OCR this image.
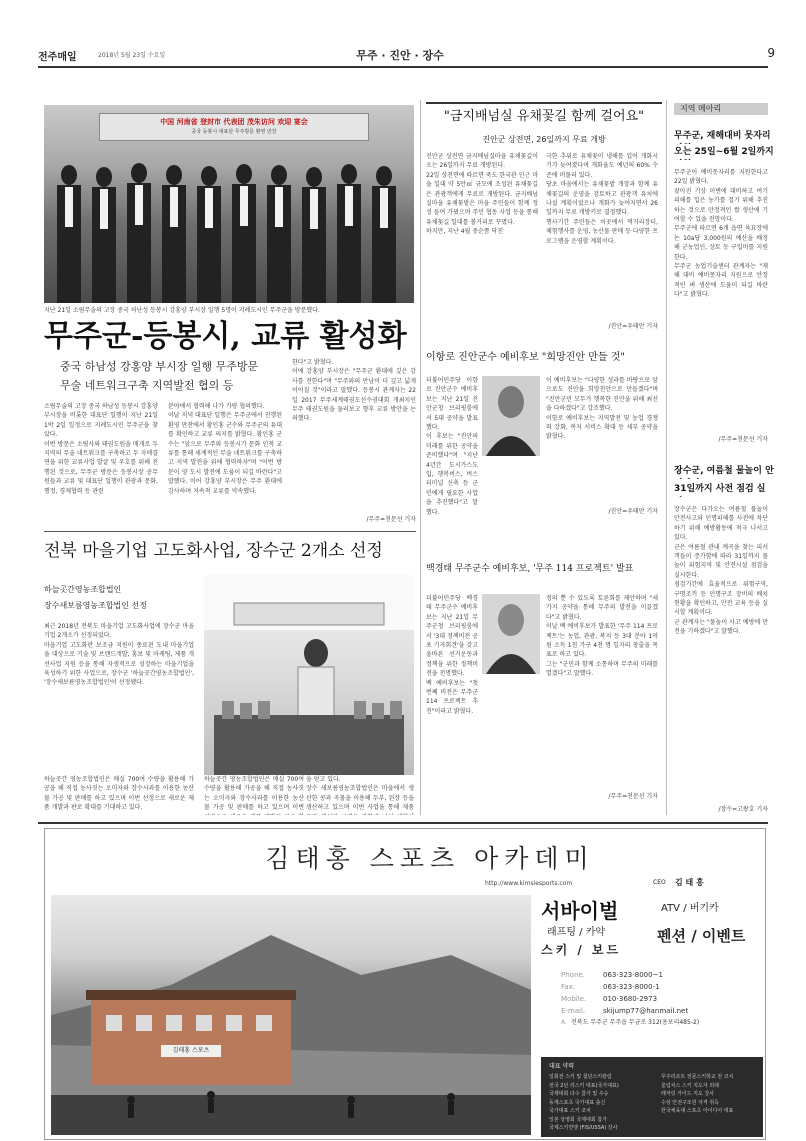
전주매일	2018년 5월 23일 수요일	무주 · 진안 · 장수	9
中国 河南省 登封市 代表团 茂朱访问 欢迎 宴会
중국 등봉시 대표단 무주방문 환영 만찬
지난 21일 소림무술의 고장 중국 허난성 등봉시 강홍양 부시장 일행 5명이 지례도시인 무주군을 방문했다.
무주군-등봉시, 교류 활성화
중국 하남성 강홍양 부시장 일행 무주방문
무술 네트워크구축 지역발전 협의 등
소림무술의 고장 중국 하남성 등봉시 강홍양 부시장을 비롯한 대표단 일행이 지난 21일 1박 2일 일정으로 지례도시인 무주군을 찾았다.
이번 방문은 소림사와 태권도원을 매개로 두 지역의 무술 네트워크를 구축하고 두 자매결연을 위한 교류사업 발굴 및 우호를 위해 진행된 것으로, 무주군 방문은 등봉시장 공무원들과 교류 및 대표단 일행이 관광과 문화, 행정, 경제협력 등 관련
분야에서 협력해 나가 가량 협의했다.
이날 저녁 대표단 일행은 무주군에서 진행된 환영 만찬에서 황인홍 군수와 무주군의 유대를 확인하고 교류 의지를 밝혔다. 황인홍 군수는 "앞으로 무주와 등봉시가 문화 인적 교류를 통해 세계적인 무술 네트워크를 구축하고 지역 발전을 위해 협력하자"며 "이번 방문이 양 도시 발전에 도움이 되길 바란다"고 말했다. 이어 강홍양 부시장은 무주 환대에 감사하며 지속적 교류를 약속했다.
한다"고 밝혔다.
이에 강홍양 부시장은 "무주군 환대에 깊은 감사를 전한다"며 "무주와의 만남이 더 깊고 넓게 이어질 것"이라고 말했다. 등봉시 관계자는 22일 2017 무주세계태권도선수권대회 개최지인 무주 태권도원을 둘러보고 향후 교류 방안을 논의했다.
/무주=천문선 기자
전북 마을기업 고도화사업, 장수군 2개소 선정
하늘곳간영농조합법인
장수새보름영농조합법인 선정
최근 2018년 전북도 마을기업 고도화사업에 장수군 마을기업 2개소가 선정되었다.
마을기업 고도화란 보조금 지원이 종료된 도내 마을기업을 대상으로 기술 및 브랜드개발, 홍보 및 마케팅, 제품 개선사업 지원 등을 통해 자생적으로 성장하는 마을기업을 육성하기 위한 사업으로, 장수군 '하늘곳간영농조합법인', '장수새보름영농조합법인'이 선정됐다.
하늘곳간 영농조합법인은 매실 700여 수량을 활용해 가공을 해 직접 농사짓는 오미자와 장수사과를 이용한 농산물 가공 및 판매를 하고 있으며 이번 선정으로 새로운 제품 개발과 판로 확대를 기대하고 있다.
하늘곳간 영농조합법인은 매실 700여 수량을 활용해 가공을 해 직접 농사짓는 오미자와 장수사과를 이용한 농산물 가공 및 판매를 하고 있으며 이번
을 얻고 있다.
장수 새보름영농조합법인은 마을에서 생산한 콩과 곡물을 이용해 두부, 된장 등을 생산하고 있으며 이번 사업을 통해 제품
"금지배넘실 유채꽃길 함께 걸어요"
진안군 상전면, 26일까지 무료 개방
진안군 상전면 금지배넘실마을 유채꽃길이 오는 26일까지 무료 개방된다.
22일 상전면에 따르면 죽도 한국관 인근 마을 일대 약 5만㎡ 규모에 조성된 유채꽃길은 관광객에게 무료로 개방된다. 금지배넘실마을 유채꽃밭은 마을 주민들이 함께 정성 들여 가꿨으며 주민 협동 사업 등을 통해 유채꽃길 일대를 볼거리로 꾸몄다.
하지만, 지난 4월 중순쯤 닥친
극한 추위로 유채꽃이 냉해를 입어 개화시기가 늦어졌다며 개화율도 예년의 60% 수준에 머물러 있다.
당초 마을에서는 유채꽃밭 개장과 함께 유채꽃길의 운영을 검토하고 관광객 유치에 나설 계획이었으나 개화가 늦어지면서 26일까지 무료 개방키로 결정했다.
행사기간 주민들은 이곳에서 먹거리장터, 체험행사를 운영, 농산물 판매 등 다양한 프로그램을 운영할 계획이다.
/진안=우태만 기자
이항로 진안군수 예비후보 "희망진안 만들 것"
더불어민주당 이항로 진안군수 예비후보는 지난 21일 진안군청 브리핑룸에서 5대 공약을 발표했다.
이 후보는 "진안의 미래를 위한 공약을 준비했다"며 "지난 4년간 도시가스도입, 행복버스, 버스터미널 신축 등 군민에게 필요한 사업을 추진했다"고 말했다.
이 예비후보는 "다양한 성과를 바탕으로 앞으로도 진안을 희망진안으로 만들겠다"며 "진안군민 모두가 행복한 진안을 위해 최선을 다하겠다"고 강조했다.
이항로 예비후보는 지역발전 및 농업 경쟁력 강화, 복지 서비스 확대 등 세부 공약을 밝혔다.
/진안=우태만 기자
백경태 무주군수 예비후보, '무주 114 프로젝트' 발표
더불어민주당 백경태 무주군수 예비후보는 지난 21일 무주군청 브리핑룸에서 '3대 정책비전 공포 기자회견'을 갖고 올바른 선거운동과 정책을 위한 정책비전을 천명했다.
백 예비후보는 "첫 번째 비전은 무주군 114 프로젝트 추진"이라고 밝혔다.
정의 뿐 수 있도록 토론회를 제안하며 "세 가지 공약을 통해 무주의 발전을 이끌겠다"고 밝혔다.
이날 백 예비후보가 발표한 '무주 114 프로젝트'는 농업, 관광, 복지 등 3대 분야 1억 원 소득 1천 가구 4천 명 일자리 창출을 목표로 하고 있다.
그는 "군민과 함께 소통하며 무주의 미래를 열겠다"고 말했다.
/무주=천문선 기자
지역 메아리
무주군, 재해대비 못자리
오는 25일~6월 2일까지
무주군이 예비못자리를 지원한다고 22일 밝혔다.
잦아진 기상 이변에 대비하고 여기 피해를 입은 농가를 접기 위해 추진하는 것으로 안정적인 쌀 생산에 기여할 수 있을 전망이다.
무주군에 따르면 6개 읍면 육묘장에 논 10a당 3,000원의 예산을 배정해 군농업인, 상토 등 구입비를 지원한다.
무주군 농업기술센터 관계자는 "재해 대비 예비못자리 지원으로 안정적인 벼 생산에 도움이 되길 바란다"고 밝혔다.
/무주=천문선 기자
장수군, 여름철 물놀이 안
31일까지 사전 점검 실
장수군은 다가오는 여름철 물놀이 안전사고와 인명피해를 사전에 차단하기 위해 예방활동에 적극 나서고 있다.
군은 여름철 관내 계곡을 찾는 피서객들이 증가함에 따라 31일까지 물놀이 위험지역 및 안전시설 점검을 실시한다.
점검기간에 효율적으로 위험구역, 구명조끼 등 인명구조 장비의 배치 현황을 확인하고, 안전 교육 등을 실시할 계획이다.
군 관계자는 "물놀이 사고 예방에 만전을 기하겠다"고 말했다.
/장수=고왕호 기자
김태홍 스포츠 아카데미
http://www.kimsiesports.com	CEO	김 태 홍
김태홍 스포츠
서바이벌
래프팅 / 카약
스키 / 보드
ATV / 버기카
펜션 / 이벤트
Phone.	063-323-8000~1
Fax.	063-323-8000-1
Mobile. 010-3680-2973
E-mail.	skijump77@hanmail.net
A. 전북도 무주군 무주읍 무금로 312(용포리485-2)
대표 약력
일회전 스키 및 첨단스키칼럼
전국 2년 리스키 대표(국가대표)
국제대회 다수 참가 및 우승
동계스포츠 국가대표 출신
국가대표 스키 코치
일본 상영회 국제대회 참가
국제스키연맹 (FIS/USSA) 강사
무주리조트 전문스키학교 전 코치
울림치스 스키 지도자 외래
레저릿 가이드 지도 강사
수상 안전구조원 자격 취득
한국체육대 스포츠 아이디어 대표
